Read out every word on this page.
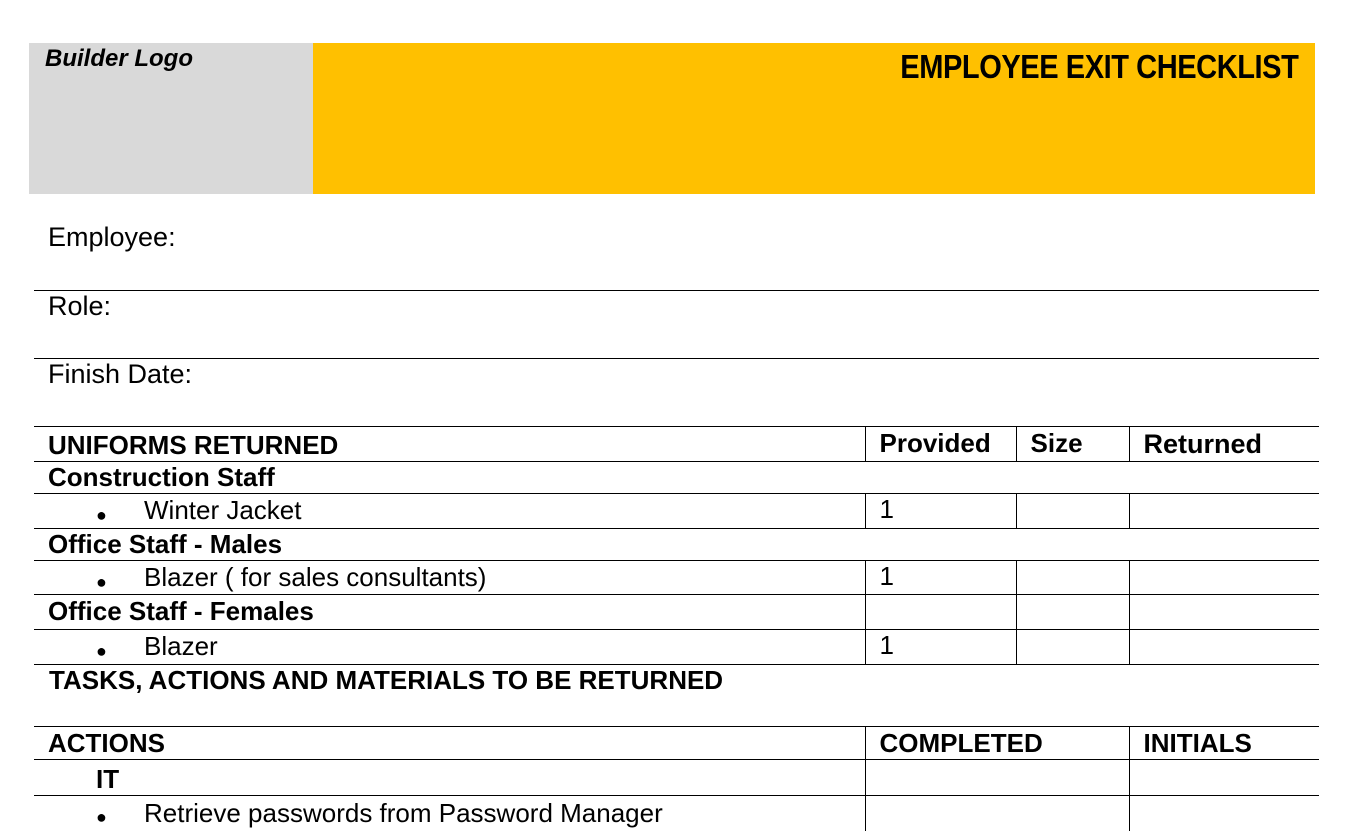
Builder Logo	EMPLOYEE EXIT CHECKLIST
Employee:
Role:
Finish Date:
UNIFORMS RETURNED	Provided	Size	Returned
Construction Staff			

● Winter Jacket	1		
Office Staff - Males			

● Blazer ( for sales consultants)	1		
Office Staff - Females			

● Blazer	1		
TASKS, ACTIONS AND MATERIALS TO BE RETURNED			
ACTIONS	COMPLETED	INITIALS
IT		

● Retrieve passwords from Password Manager		
